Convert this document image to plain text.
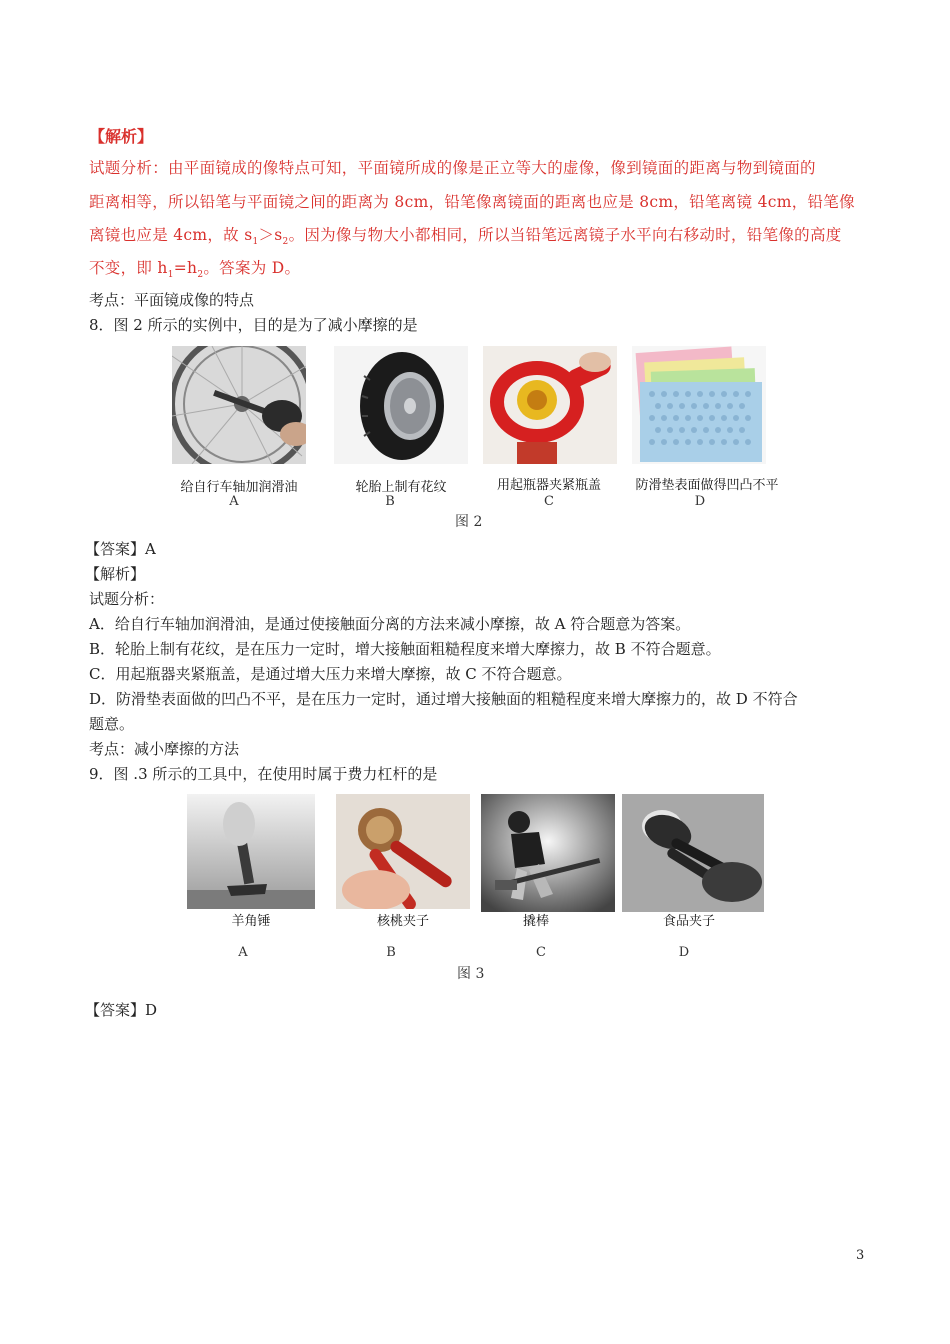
【解析】
试题分析：由平面镜成的像特点可知，平面镜所成的像是正立等大的虚像，像到镜面的距离与物到镜面的
距离相等，所以铅笔与平面镜之间的距离为 8cm，铅笔像离镜面的距离也应是 8cm，铅笔离镜 4cm，铅笔像
离镜也应是 4cm，故 $s_1>s_2$。因为像与物大小都相同，所以当铅笔远离镜子水平向右移动时，铅笔像的高度
不变，即 $h_1=h_2$。答案为 D。
考点：平面镜成像的特点
8．图 2 所示的实例中，目的是为了减小摩擦的是
给自行车轴加润滑油	轮胎上制有花纹	用起瓶器夹紧瓶盖	防滑垫表面做得凹凸不平
A	B	C	D
图 2
【答案】A
【解析】
试题分析：
A．给自行车轴加润滑油，是通过使接触面分离的方法来减小摩擦，故 A 符合题意为答案。
B．轮胎上制有花纹，是在压力一定时，增大接触面粗糙程度来增大摩擦力，故 B 不符合题意。
C．用起瓶器夹紧瓶盖，是通过增大压力来增大摩擦，故 C 不符合题意。
D．防滑垫表面做的凹凸不平，是在压力一定时，通过增大接触面的粗糙程度来增大摩擦力的，故 D 不符合
题意。
考点：减小摩擦的方法
9．图 .3 所示的工具中，在使用时属于费力杠杆的是
羊角锤	核桃夹子	撬棒	食品夹子
A	B	C	D
图 3
【答案】D
3
